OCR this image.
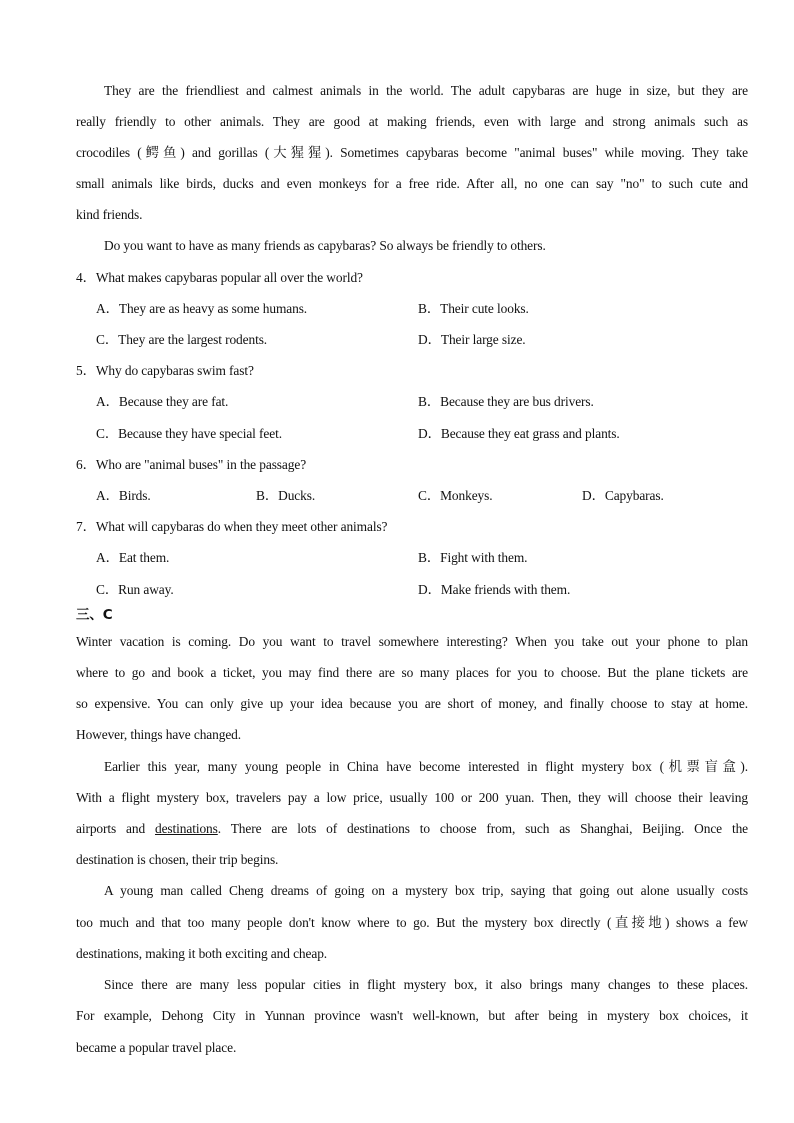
They are the friendliest and calmest animals in the world. The adult capybaras are huge in size, but they are
really friendly to other animals. They are good at making friends, even with large and strong animals such as
crocodiles (鳄鱼) and gorillas (大猩猩). Sometimes capybaras become "animal buses" while moving. They take
small animals like birds, ducks and even monkeys for a free ride. After all, no one can say "no" to such cute and
kind friends.
Do you want to have as many friends as capybaras? So always be friendly to others.
4．What makes capybaras popular all over the world?
A．They are as heavy as some humans.	B．Their cute looks.
C．They are the largest rodents.	D．Their large size.
5．Why do capybaras swim fast?
A．Because they are fat.	B．Because they are bus drivers.
C．Because they have special feet.	D．Because they eat grass and plants.
6．Who are "animal buses" in the passage?
A．Birds.	B．Ducks.	C．Monkeys.	D．Capybaras.
7．What will capybaras do when they meet other animals?
A．Eat them.	B．Fight with them.
C．Run away.	D．Make friends with them.
三、C
Winter vacation is coming. Do you want to travel somewhere interesting? When you take out your phone to plan
where to go and book a ticket, you may find there are so many places for you to choose. But the plane tickets are
so expensive. You can only give up your idea because you are short of money, and finally choose to stay at home.
However, things have changed.
Earlier this year, many young people in China have become interested in flight mystery box (机票盲盒).
With a flight mystery box, travelers pay a low price, usually 100 or 200 yuan. Then, they will choose their leaving
airports and destinations. There are lots of destinations to choose from, such as Shanghai, Beijing. Once the
destination is chosen, their trip begins.
A young man called Cheng dreams of going on a mystery box trip, saying that going out alone usually costs
too much and that too many people don't know where to go. But the mystery box directly (直接地) shows a few
destinations, making it both exciting and cheap.
Since there are many less popular cities in flight mystery box, it also brings many changes to these places.
For example, Dehong City in Yunnan province wasn't well-known, but after being in mystery box choices, it
became a popular travel place.
